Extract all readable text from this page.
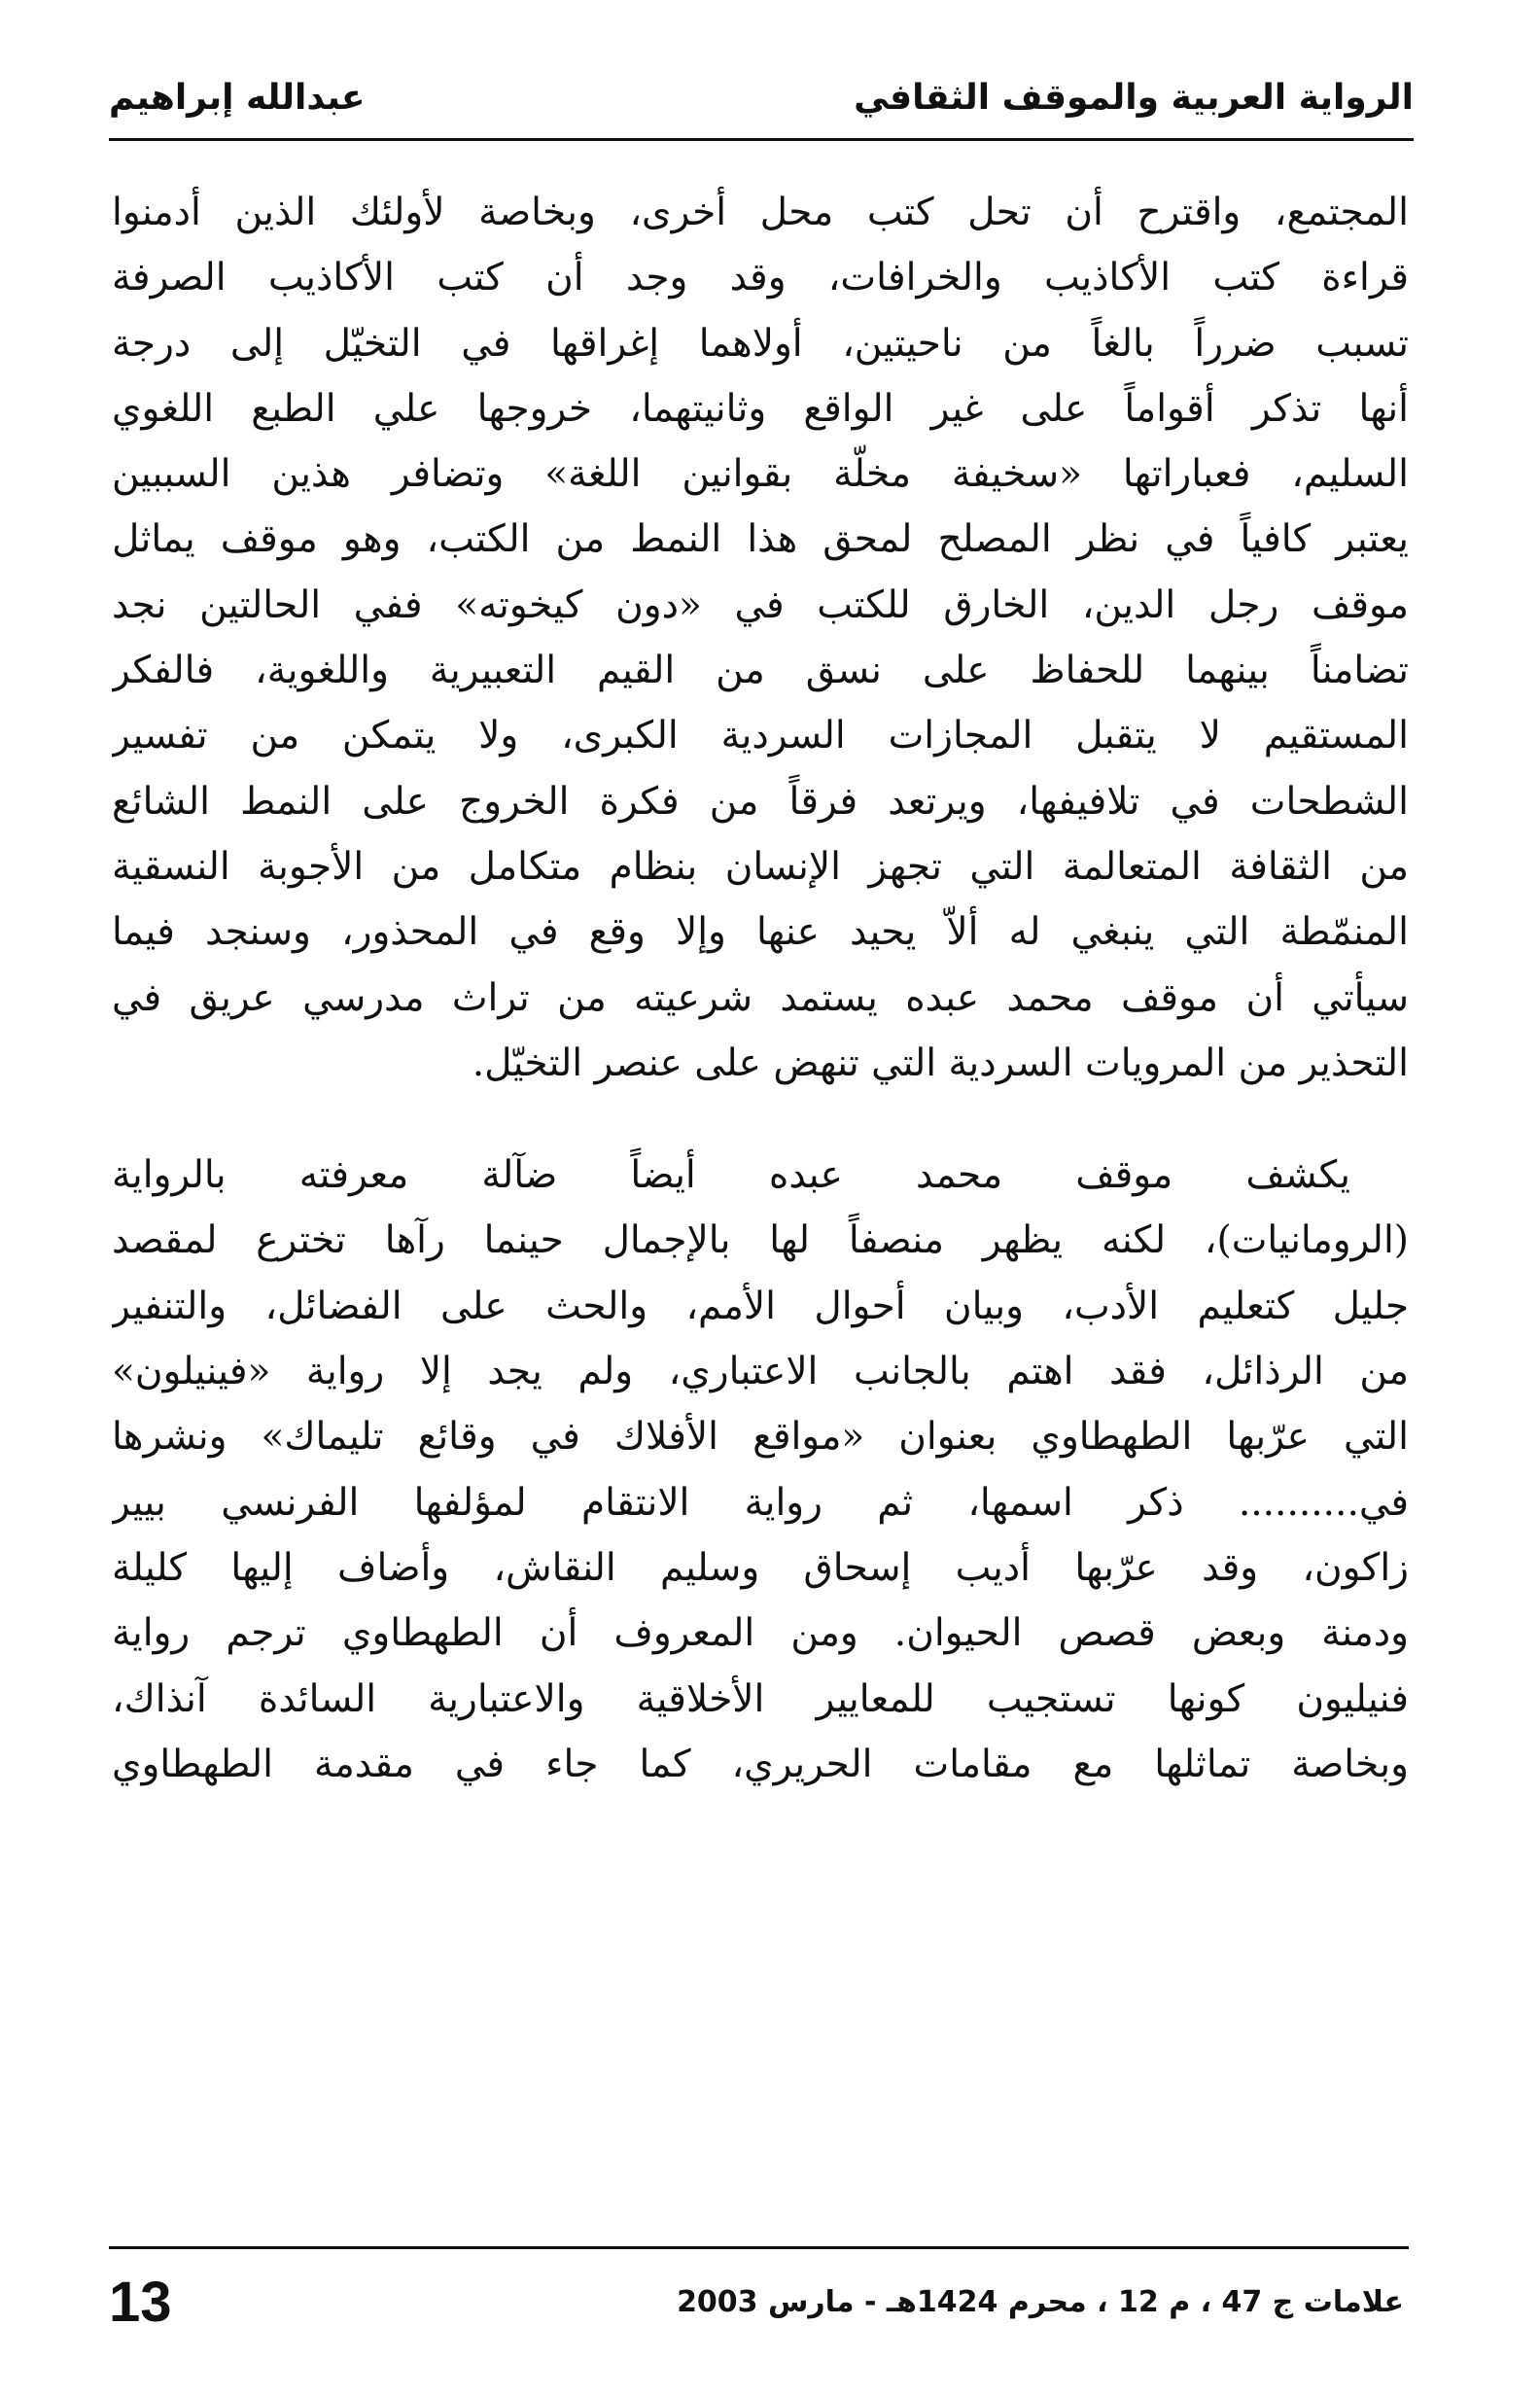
الرواية العربية والموقف الثقافي
عبدالله إبراهيم
المجتمع، واقترح أن تحل كتب محل أخرى، وبخاصة لأولئك الذين أدمنوا
قراءة كتب الأكاذيب والخرافات، وقد وجد أن كتب الأكاذيب الصرفة
تسبب ضرراً بالغاً من ناحيتين، أولاهما إغراقها في التخيّل إلى درجة
أنها تذكر أقواماً على غير الواقع وثانيتهما، خروجها علي الطبع اللغوي
السليم، فعباراتها «سخيفة مخلّة بقوانين اللغة» وتضافر هذين السببين
يعتبر كافياً في نظر المصلح لمحق هذا النمط من الكتب، وهو موقف يماثل
موقف رجل الدين، الخارق للكتب في «دون كيخوته» ففي الحالتين نجد
تضامناً بينهما للحفاظ على نسق من القيم التعبيرية واللغوية، فالفكر
المستقيم لا يتقبل المجازات السردية الكبرى، ولا يتمكن من تفسير
الشطحات في تلافيفها، ويرتعد فرقاً من فكرة الخروج على النمط الشائع
من الثقافة المتعالمة التي تجهز الإنسان بنظام متكامل من الأجوبة النسقية
المنمّطة التي ينبغي له ألاّ يحيد عنها وإلا وقع في المحذور، وسنجد فيما
سيأتي أن موقف محمد عبده يستمد شرعيته من تراث مدرسي عريق في
التحذير من المرويات السردية التي تنهض على عنصر التخيّل.
يكشف موقف محمد عبده أيضاً ضآلة معرفته بالرواية
(الرومانيات)، لكنه يظهر منصفاً لها بالإجمال حينما رآها تخترع لمقصد
جليل كتعليم الأدب، وبيان أحوال الأمم، والحث على الفضائل، والتنفير
من الرذائل، فقد اهتم بالجانب الاعتباري، ولم يجد إلا رواية «فينيلون»
التي عرّبها الطهطاوي بعنوان «مواقع الأفلاك في وقائع تليماك» ونشرها
في.......... ذكر اسمها، ثم رواية الانتقام لمؤلفها الفرنسي بيير
زاكون، وقد عرّبها أديب إسحاق وسليم النقاش، وأضاف إليها كليلة
ودمنة وبعض قصص الحيوان. ومن المعروف أن الطهطاوي ترجم رواية
فنيليون كونها تستجيب للمعايير الأخلاقية والاعتبارية السائدة آنذاك،
وبخاصة تماثلها مع مقامات الحريري، كما جاء في مقدمة الطهطاوي
علامات ج 47 ، م 12 ، محرم 1424هـ - مارس 2003
13
